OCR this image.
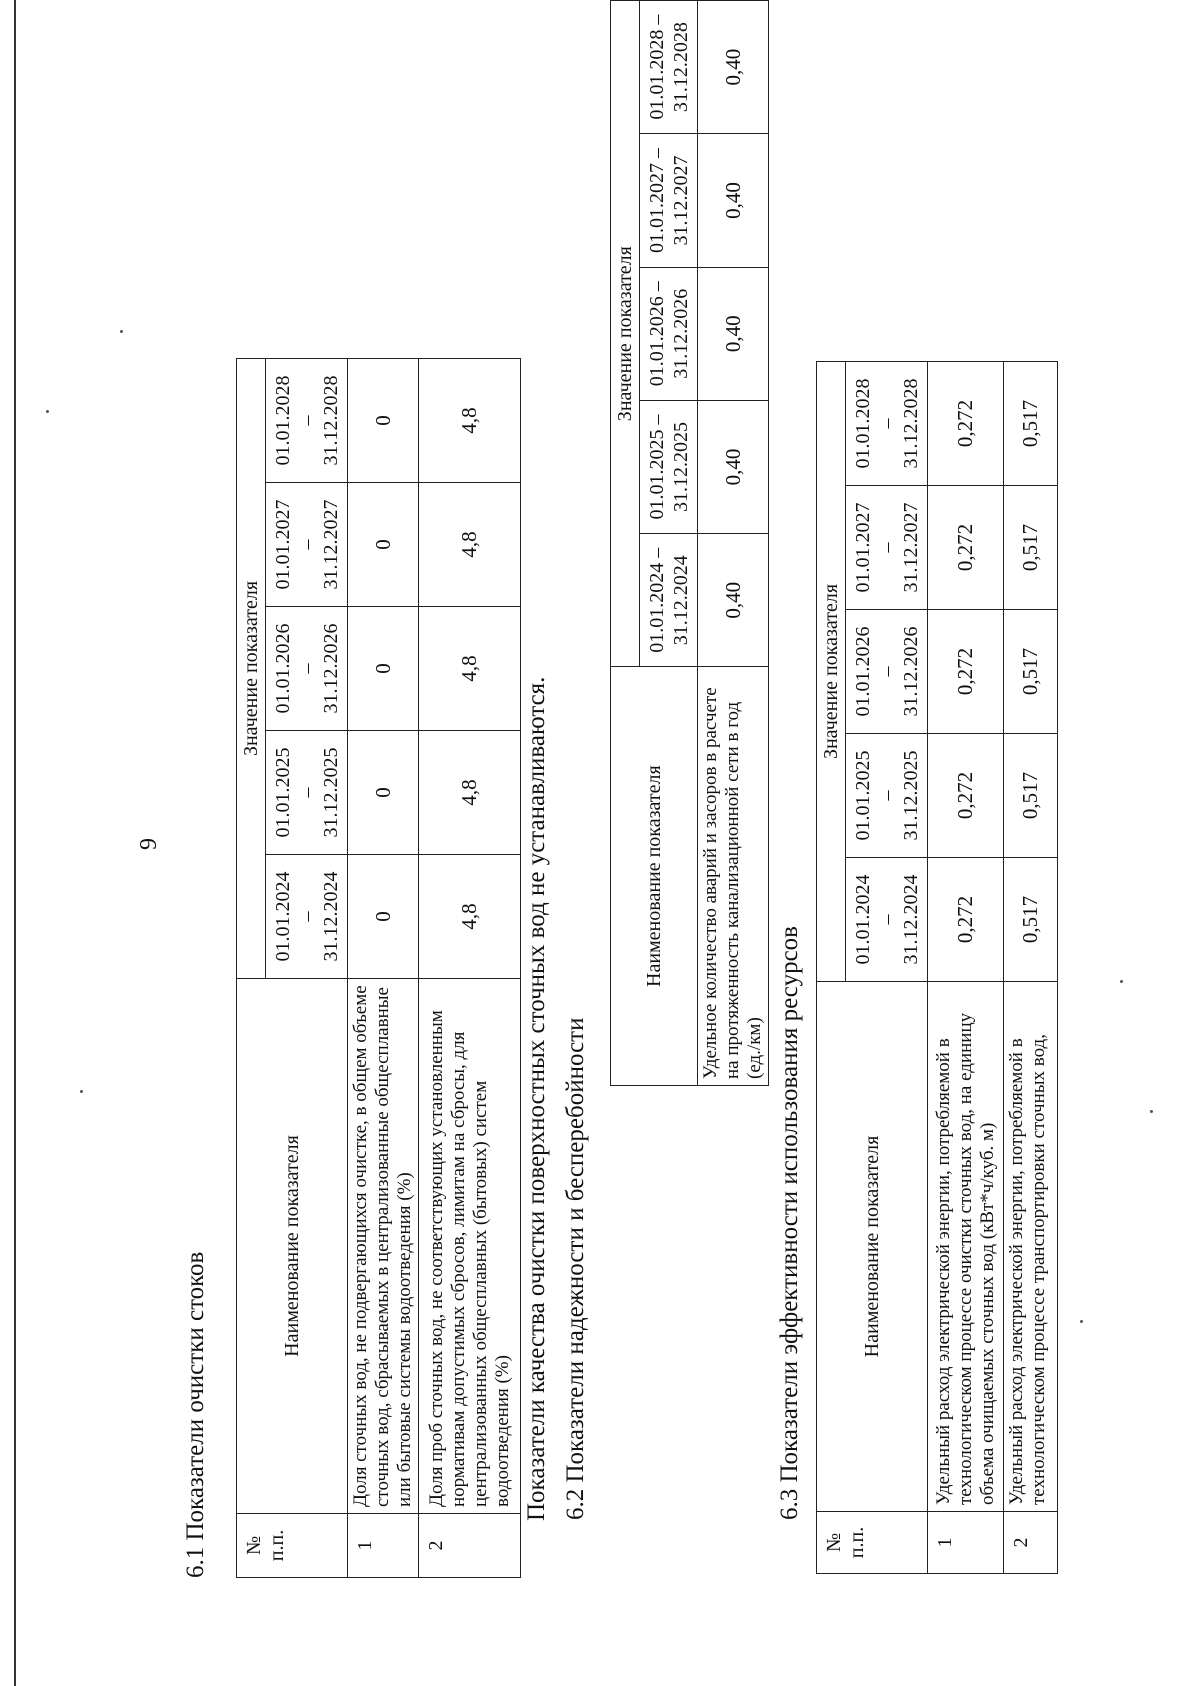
9
6.1 Показатели очистки стоков № п.п.	Наименование показателя	Значение показателя				

		01.01.2024 – 31.12.2024	01.01.2025 – 31.12.2025	01.01.2026 – 31.12.2026	01.01.2027 – 31.12.2027	01.01.2028 – 31.12.2028

1	Доля сточных вод, не подвергающихся очистке, в общем объеме сточных вод, сбрасываемых в централизованные общесплавные или бытовые системы водоотведения (%)	0	0	0	0	0
2	Доля проб сточных вод, не соответствующих установленным нормативам допустимых сбросов, лимитам на сбросы, для централизованных общесплавных (бытовых) систем водоотведения (%)	4,8	4,8	4,8	4,8	4,8
Показатели качества очистки поверхностных сточных вод не устанавливаются. 6.2 Показатели надежности и бесперебойности
Наименование показателя	Значение показателя				

	01.01.2024 – 31.12.2024	01.01.2025 – 31.12.2025	01.01.2026 – 31.12.2026	01.01.2027 – 31.12.2027	01.01.2028 – 31.12.2028

Удельное количество аварий и засоров в расчете на протяженность канализационной сети в год (ед./км)	0,40	0,40	0,40	0,40	0,40
6.3 Показатели эффективности использования ресурсов
№ п.п.	Наименование показателя	Значение показателя				

		01.01.2024 – 31.12.2024	01.01.2025 – 31.12.2025	01.01.2026 – 31.12.2026	01.01.2027 – 31.12.2027	01.01.2028 – 31.12.2028

1	Удельный расход электрической энергии, потребляемой в технологическом процессе очистки сточных вод, на единицу объема очищаемых сточных вод (кВт*ч/куб. м)	0,272	0,272	0,272	0,272	0,272
2	Удельный расход электрической энергии, потребляемой в технологическом процессе транспортировки сточных вод,	0,517	0,517	0,517	0,517	0,517
